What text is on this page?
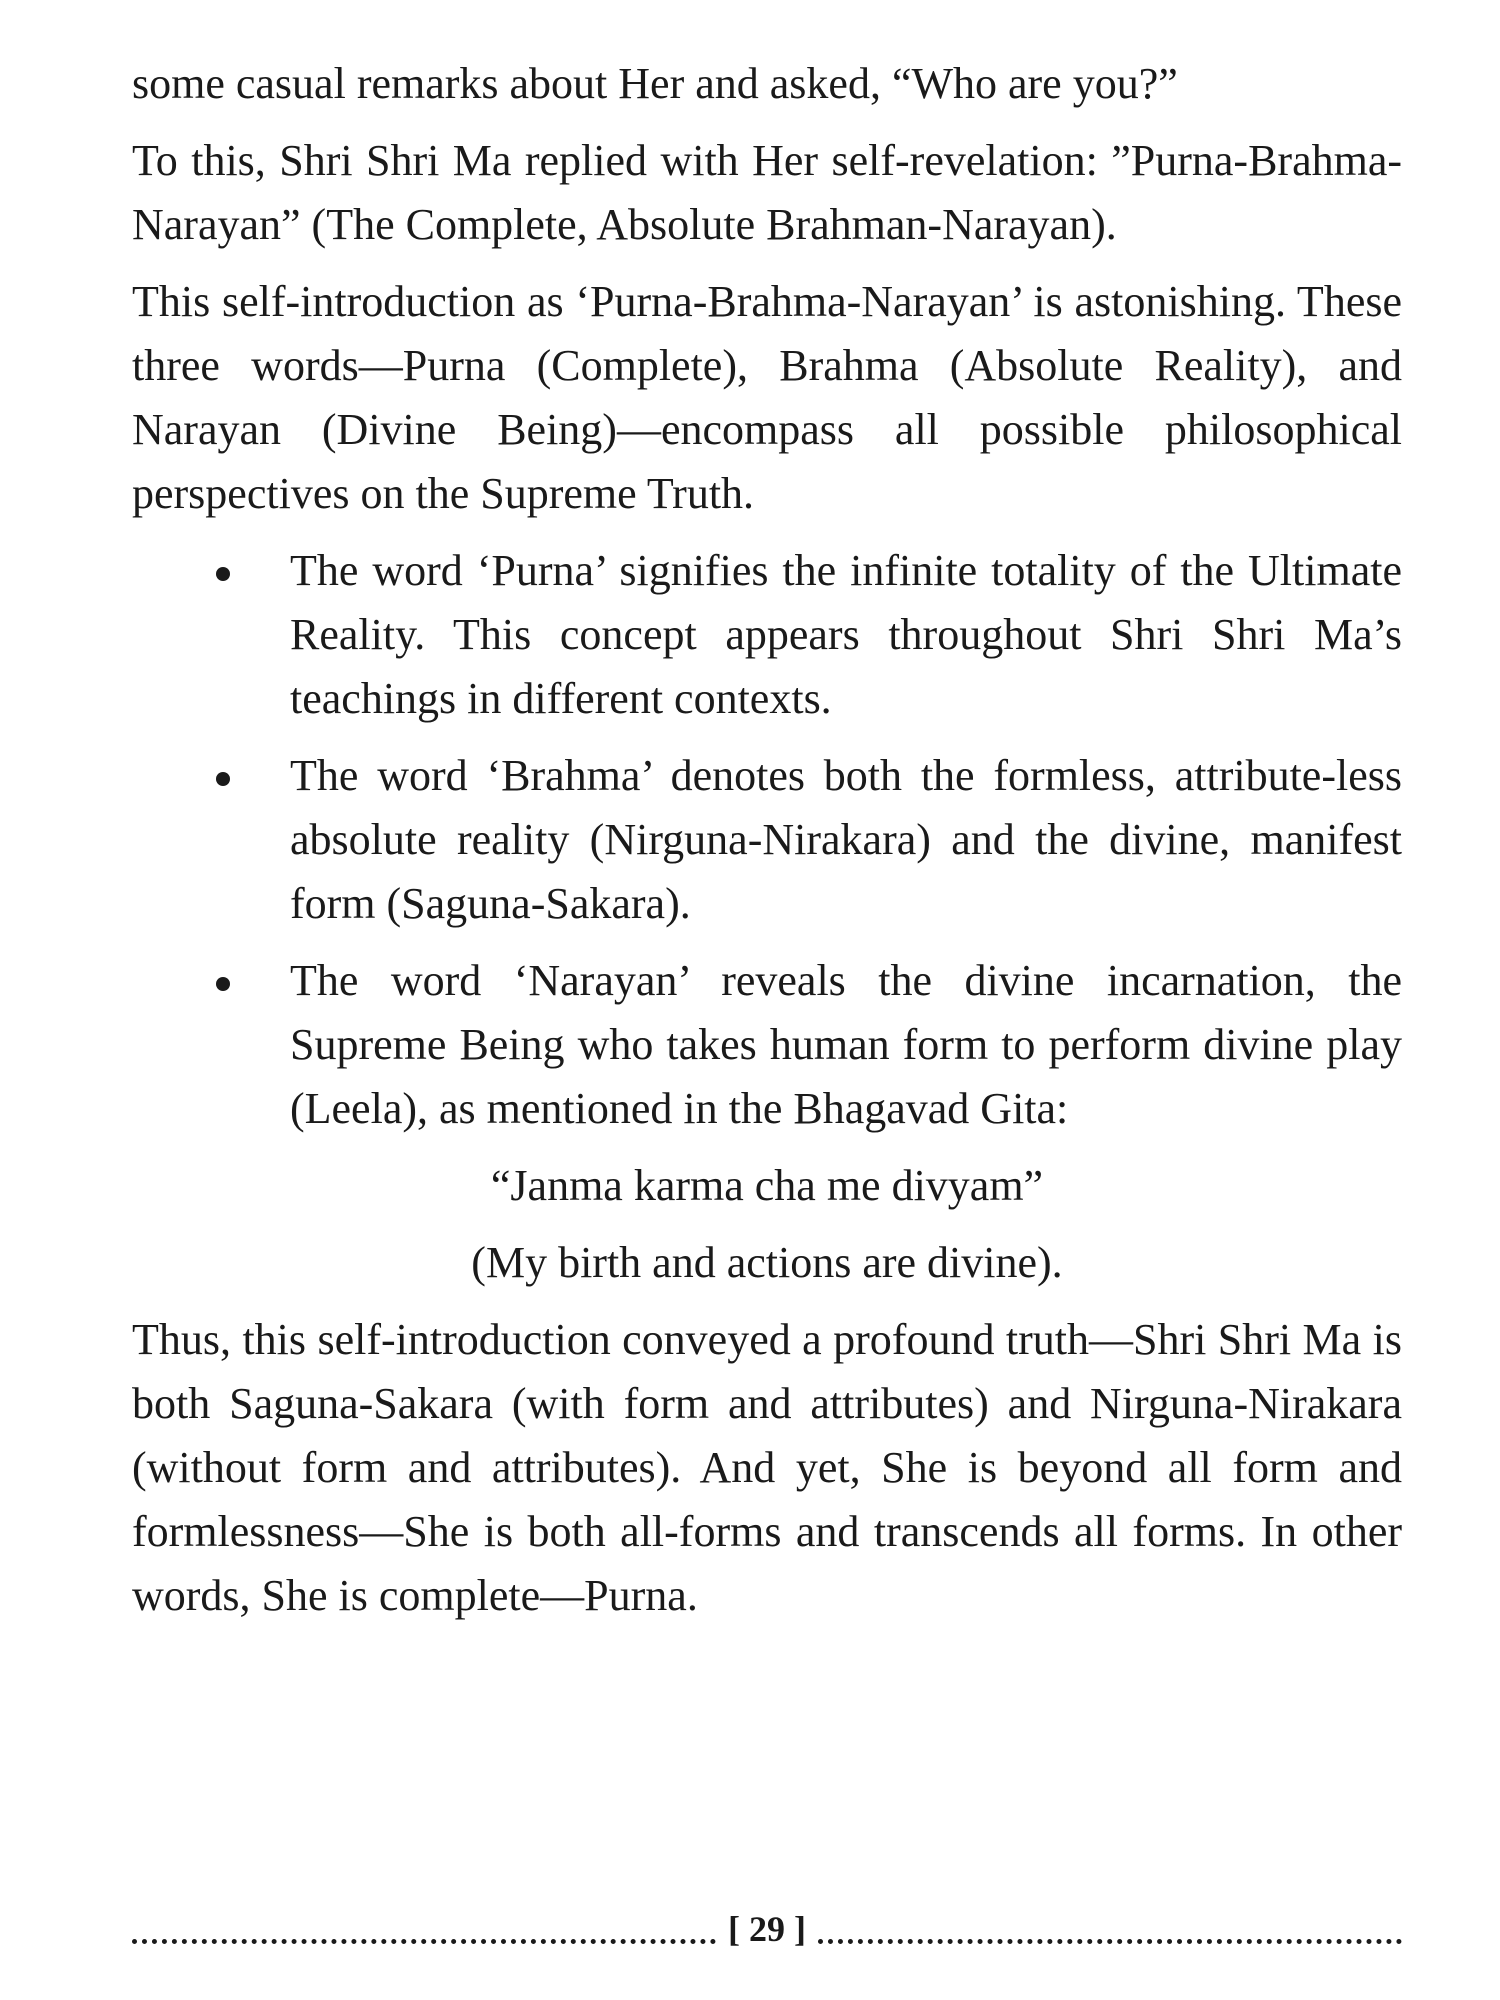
some casual remarks about Her and asked, “Who are you?”

To this, Shri Shri Ma replied with Her self-revelation: ”Purna-Brahma-Narayan” (The Complete, Absolute Brahman-Narayan).

This self-introduction as ‘Purna-Brahma-Narayan’ is astonishing. These three words—Purna (Complete), Brahma (Absolute Reality), and Narayan (Divine Being)—encompass all possible philosophical perspectives on the Supreme Truth.

The word ‘Purna’ signifies the infinite totality of the Ultimate Reality. This concept appears throughout Shri Shri Ma’s teachings in different contexts.
The word ‘Brahma’ denotes both the formless, attribute-less absolute reality (Nirguna-Nirakara) and the divine, manifest form (Saguna-Sakara).
The word ‘Narayan’ reveals the divine incarnation, the Supreme Being who takes human form to perform divine play (Leela), as mentioned in the Bhagavad Gita:
“Janma karma cha me divyam”
(My birth and actions are divine).

Thus, this self-introduction conveyed a profound truth—Shri Shri Ma is both Saguna-Sakara (with form and attributes) and Nirguna-Nirakara (without form and attributes). And yet, She is beyond all form and formlessness—She is both all-forms and transcends all forms. In other words, She is complete—Purna.

[ 29 ]
